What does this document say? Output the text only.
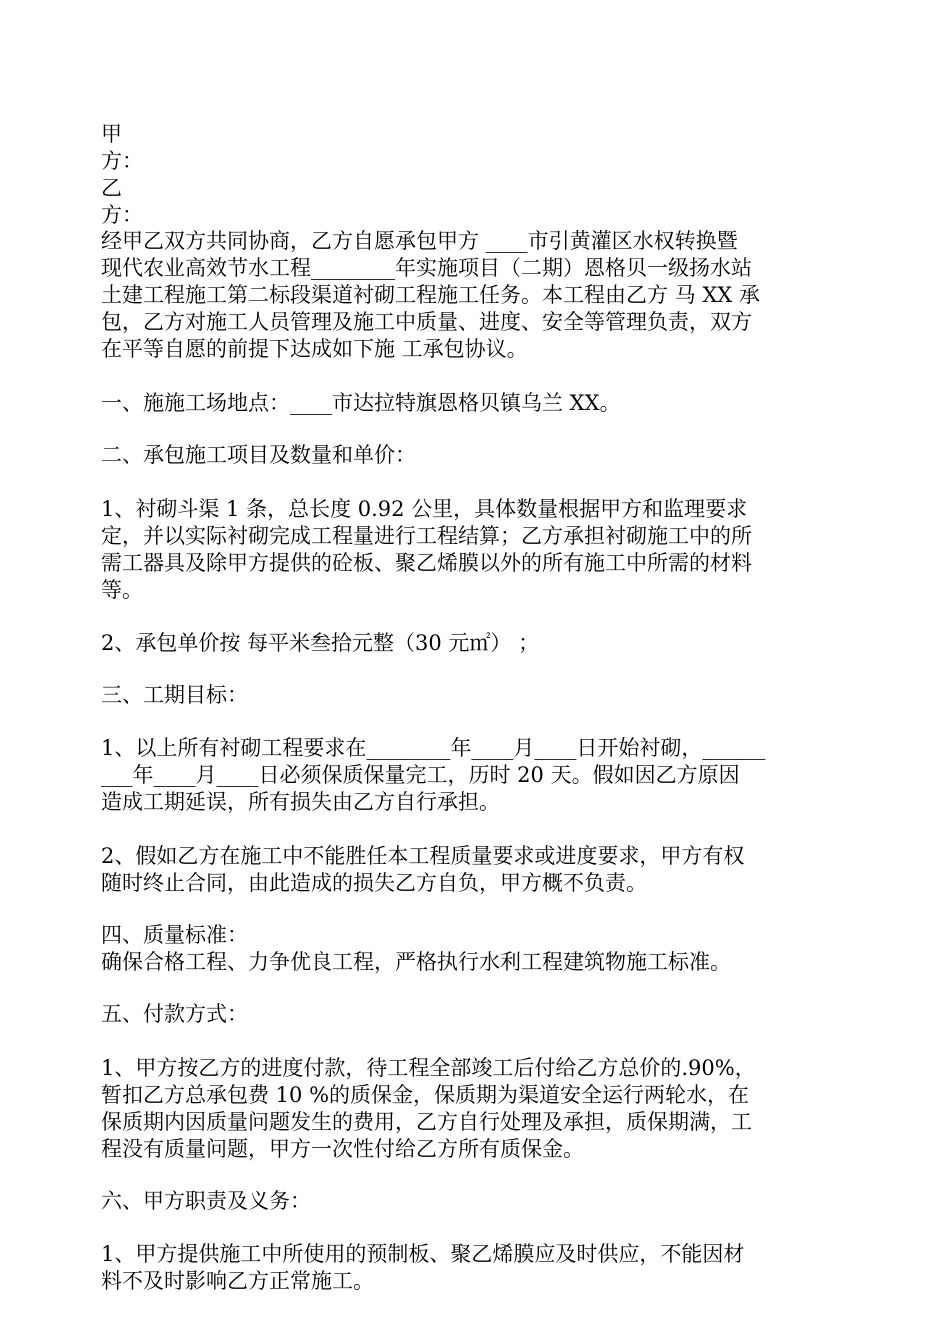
甲
方：
乙
方：
经甲乙双方共同协商，乙方自愿承包甲方 ____市引黄灌区水权转换暨
现代农业高效节水工程________年实施项目（二期）恩格贝一级扬水站
土建工程施工第二标段渠道衬砌工程施工任务。本工程由乙方 马 XX 承
包，乙方对施工人员管理及施工中质量、进度、安全等管理负责，双方
在平等自愿的前提下达成如下施 工承包协议。
一、施施工场地点：____市达拉特旗恩格贝镇乌兰 XX。
二、承包施工项目及数量和单价：
1、衬砌斗渠 1 条，总长度 0.92 公里，具体数量根据甲方和监理要求
定，并以实际衬砌完成工程量进行工程结算；乙方承担衬砌施工中的所
需工器具及除甲方提供的砼板、聚乙烯膜以外的所有施工中所需的材料
等。
2、承包单价按 每平米叁拾元整（30 元㎡） ；
三、工期目标：
1、以上所有衬砌工程要求在________年____月____日开始衬砌，______
___年____月____日必须保质保量完工，历时 20 天。假如因乙方原因
造成工期延误，所有损失由乙方自行承担。
2、假如乙方在施工中不能胜任本工程质量要求或进度要求，甲方有权
随时终止合同，由此造成的损失乙方自负，甲方概不负责。
四、质量标准：
确保合格工程、力争优良工程，严格执行水利工程建筑物施工标准。
五、付款方式：
1、甲方按乙方的进度付款，待工程全部竣工后付给乙方总价的.90%，
暂扣乙方总承包费 10 %的质保金，保质期为渠道安全运行两轮水，在
保质期内因质量问题发生的费用，乙方自行处理及承担，质保期满，工
程没有质量问题，甲方一次性付给乙方所有质保金。
六、甲方职责及义务：
1、甲方提供施工中所使用的预制板、聚乙烯膜应及时供应，不能因材
料不及时影响乙方正常施工。
